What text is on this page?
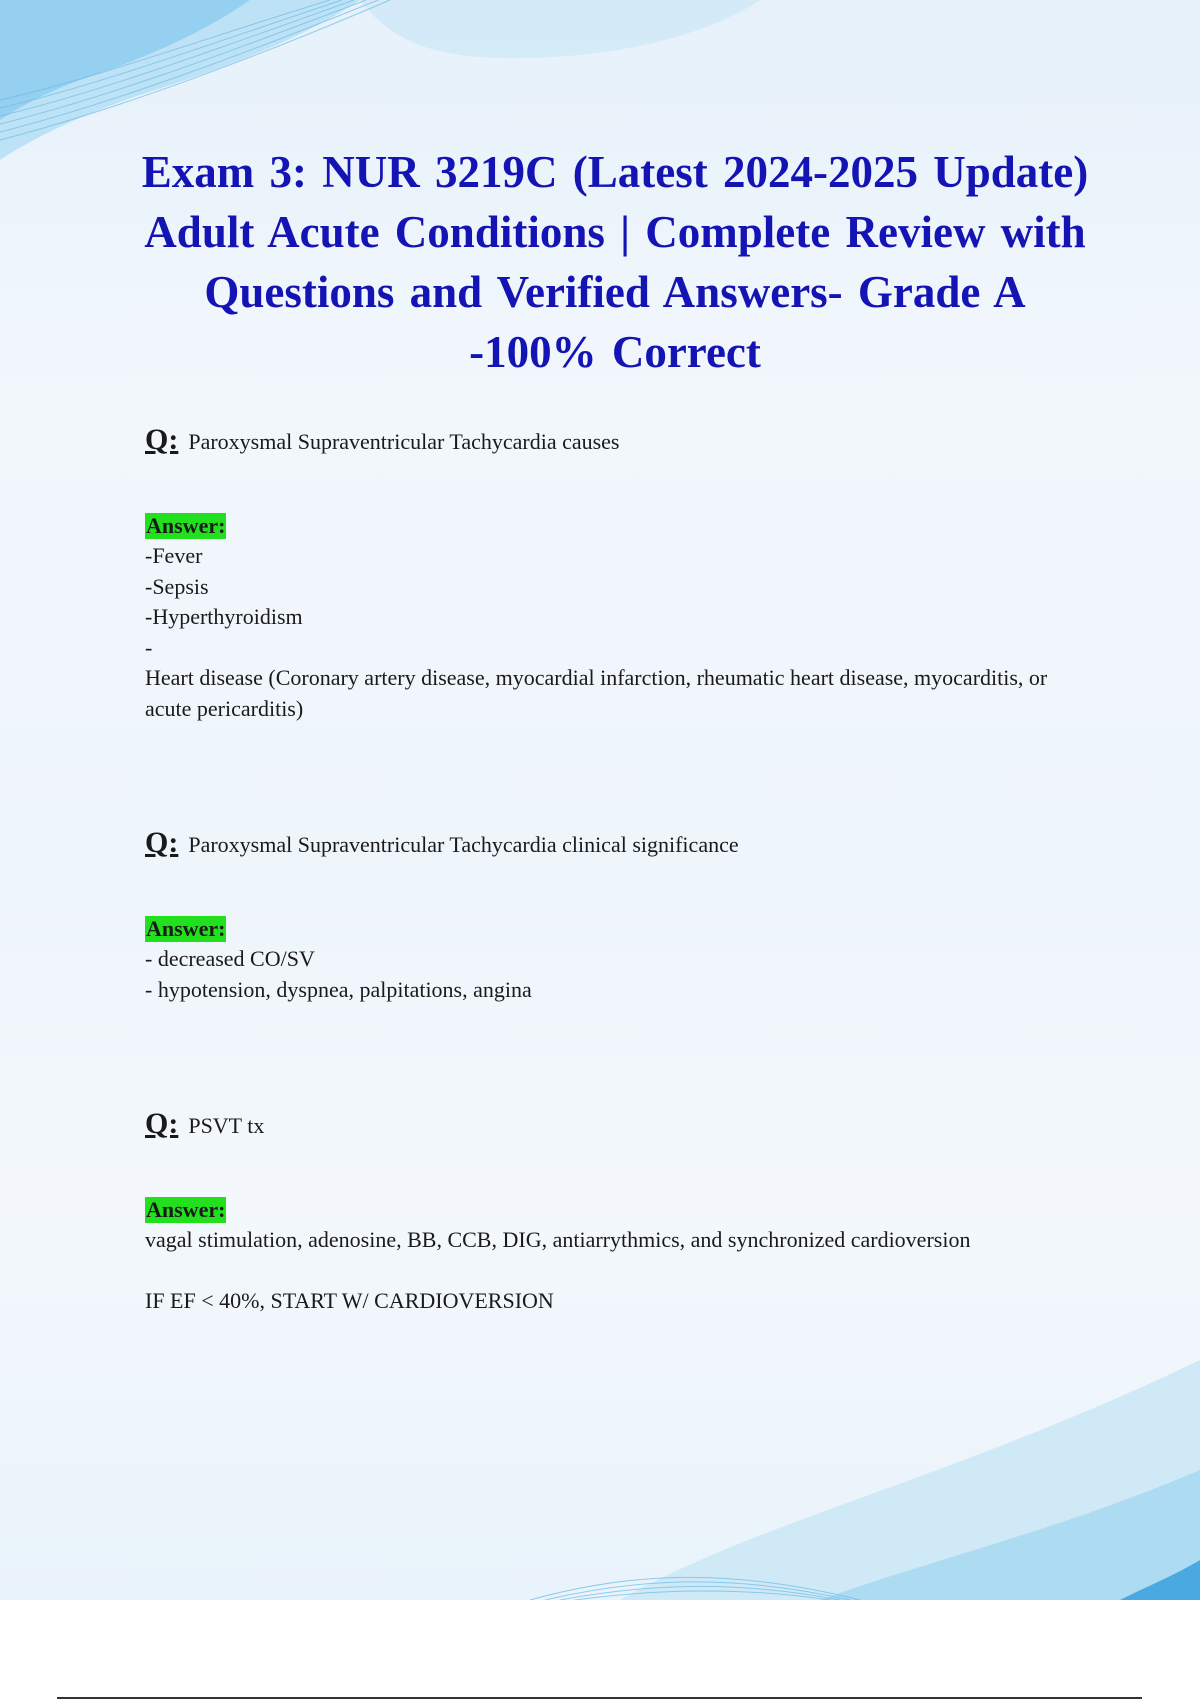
Exam 3: NUR 3219C (Latest 2024-2025 Update) Adult Acute Conditions | Complete Review with Questions and Verified Answers- Grade A -100% Correct

Q: Paroxysmal Supraventricular Tachycardia causes

Answer:
-Fever
-Sepsis
-Hyperthyroidism
-
Heart disease (Coronary artery disease, myocardial infarction, rheumatic heart disease, myocarditis, or acute pericarditis)

Q: Paroxysmal Supraventricular Tachycardia clinical significance

Answer:
- decreased CO/SV
- hypotension, dyspnea, palpitations, angina

Q: PSVT tx

Answer:
vagal stimulation, adenosine, BB, CCB, DIG, antiarrythmics, and synchronized cardioversion
IF EF < 40%, START W/ CARDIOVERSION
